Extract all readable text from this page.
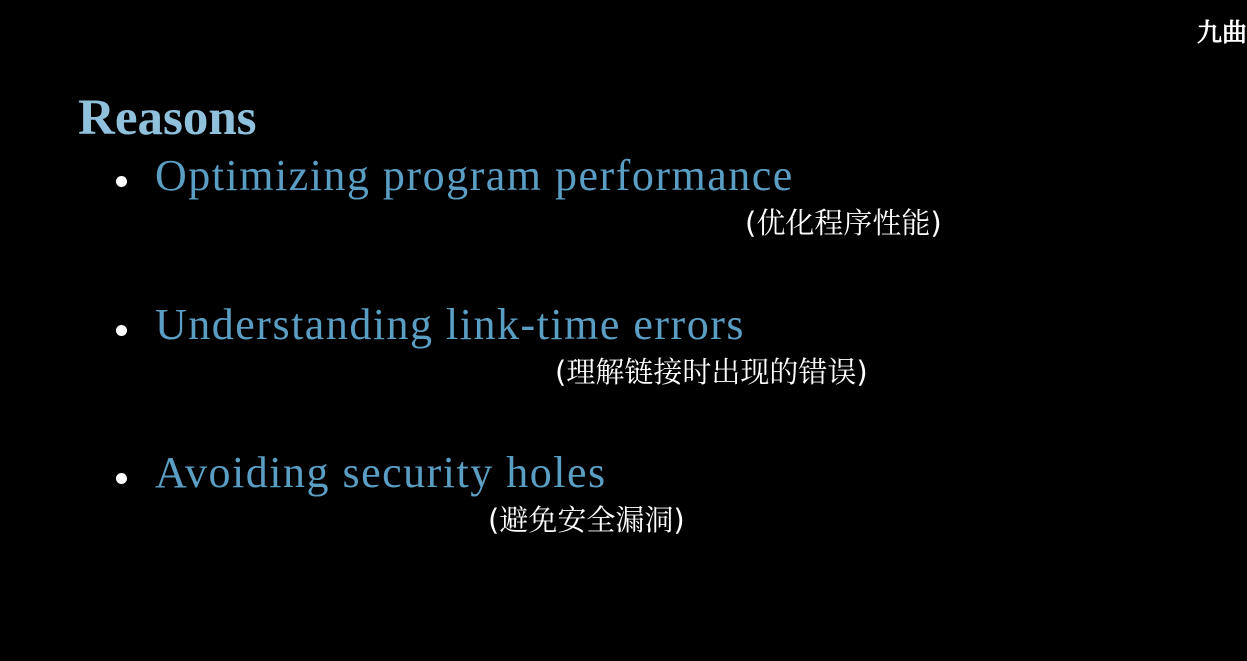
九曲
Reasons
Optimizing program performance
(优化程序性能)
Understanding link-time errors
(理解链接时出现的错误)
Avoiding security holes
(避免安全漏洞)
